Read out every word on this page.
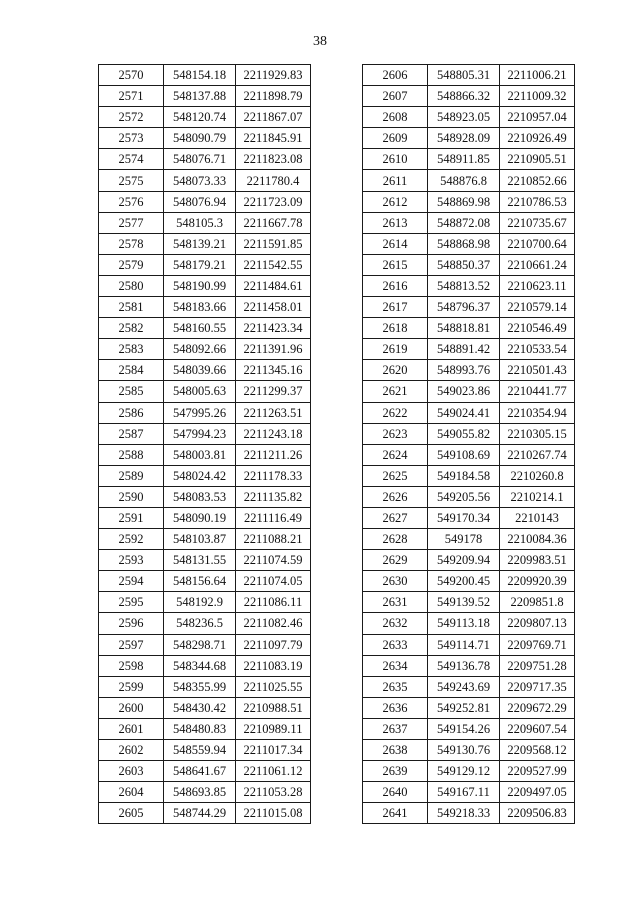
38
2570	548154.18	2211929.83
2571	548137.88	2211898.79
2572	548120.74	2211867.07
2573	548090.79	2211845.91
2574	548076.71	2211823.08
2575	548073.33	2211780.4
2576	548076.94	2211723.09
2577	548105.3	2211667.78
2578	548139.21	2211591.85
2579	548179.21	2211542.55
2580	548190.99	2211484.61
2581	548183.66	2211458.01
2582	548160.55	2211423.34
2583	548092.66	2211391.96
2584	548039.66	2211345.16
2585	548005.63	2211299.37
2586	547995.26	2211263.51
2587	547994.23	2211243.18
2588	548003.81	2211211.26
2589	548024.42	2211178.33
2590	548083.53	2211135.82
2591	548090.19	2211116.49
2592	548103.87	2211088.21
2593	548131.55	2211074.59
2594	548156.64	2211074.05
2595	548192.9	2211086.11
2596	548236.5	2211082.46
2597	548298.71	2211097.79
2598	548344.68	2211083.19
2599	548355.99	2211025.55
2600	548430.42	2210988.51
2601	548480.83	2210989.11
2602	548559.94	2211017.34
2603	548641.67	2211061.12
2604	548693.85	2211053.28
2605	548744.29	2211015.08
2606	548805.31	2211006.21
2607	548866.32	2211009.32
2608	548923.05	2210957.04
2609	548928.09	2210926.49
2610	548911.85	2210905.51
2611	548876.8	2210852.66
2612	548869.98	2210786.53
2613	548872.08	2210735.67
2614	548868.98	2210700.64
2615	548850.37	2210661.24
2616	548813.52	2210623.11
2617	548796.37	2210579.14
2618	548818.81	2210546.49
2619	548891.42	2210533.54
2620	548993.76	2210501.43
2621	549023.86	2210441.77
2622	549024.41	2210354.94
2623	549055.82	2210305.15
2624	549108.69	2210267.74
2625	549184.58	2210260.8
2626	549205.56	2210214.1
2627	549170.34	2210143
2628	549178	2210084.36
2629	549209.94	2209983.51
2630	549200.45	2209920.39
2631	549139.52	2209851.8
2632	549113.18	2209807.13
2633	549114.71	2209769.71
2634	549136.78	2209751.28
2635	549243.69	2209717.35
2636	549252.81	2209672.29
2637	549154.26	2209607.54
2638	549130.76	2209568.12
2639	549129.12	2209527.99
2640	549167.11	2209497.05
2641	549218.33	2209506.83
